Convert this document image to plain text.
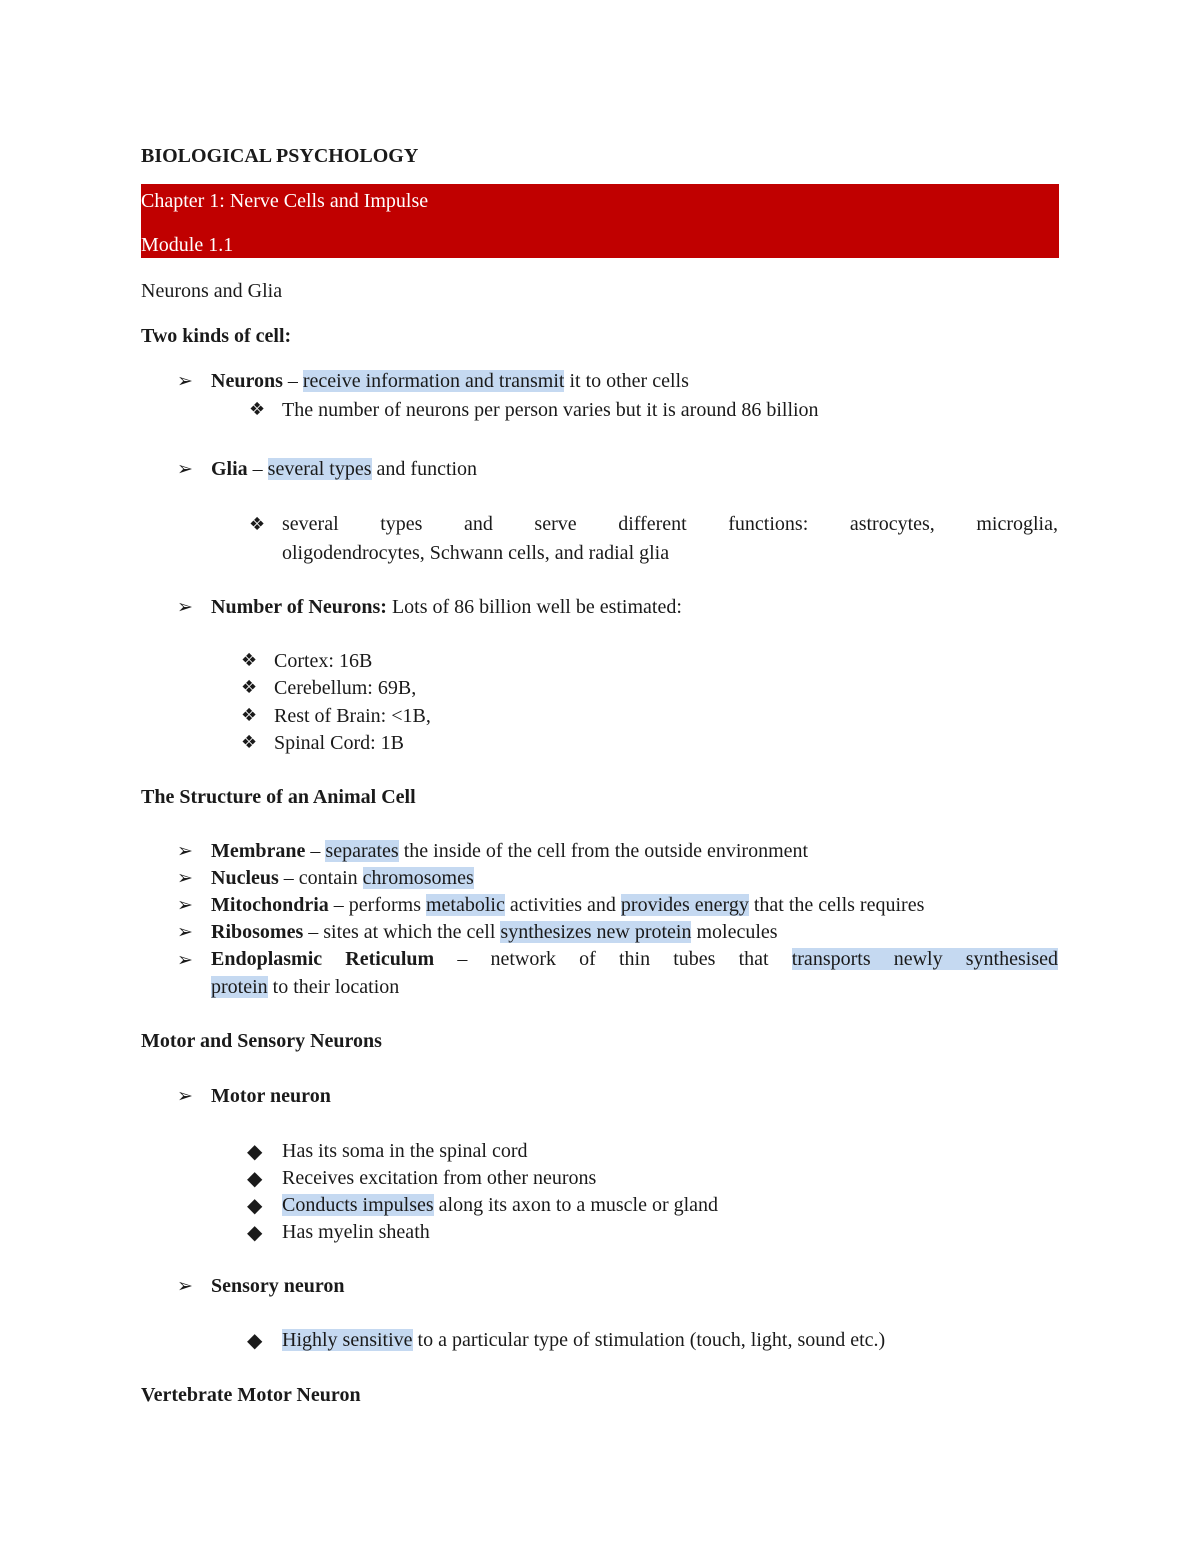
BIOLOGICAL PSYCHOLOGY
Chapter 1: Nerve Cells and Impulse
Module 1.1
Neurons and Glia
Two kinds of cell:
➢ Neurons – receive information and transmit it to other cells
❖ The number of neurons per person varies but it is around 86 billion
➢ Glia – several types and function
❖ several types and serve different functions: astrocytes, microglia,
oligodendrocytes, Schwann cells, and radial glia
➢ Number of Neurons: Lots of 86 billion well be estimated:
❖ Cortex: 16B
❖ Cerebellum: 69B,
❖ Rest of Brain: <1B,
❖ Spinal Cord: 1B
The Structure of an Animal Cell
➢ Membrane – separates the inside of the cell from the outside environment
➢ Nucleus – contain chromosomes
➢ Mitochondria – performs metabolic activities and provides energy that the cells requires
➢ Ribosomes – sites at which the cell synthesizes new protein molecules
➢ Endoplasmic Reticulum – network of thin tubes that transports newly synthesised
protein to their location
Motor and Sensory Neurons
➢ Motor neuron
◆ Has its soma in the spinal cord
◆ Receives excitation from other neurons
◆ Conducts impulses along its axon to a muscle or gland
◆ Has myelin sheath
➢ Sensory neuron
◆ Highly sensitive to a particular type of stimulation (touch, light, sound etc.)
Vertebrate Motor Neuron
